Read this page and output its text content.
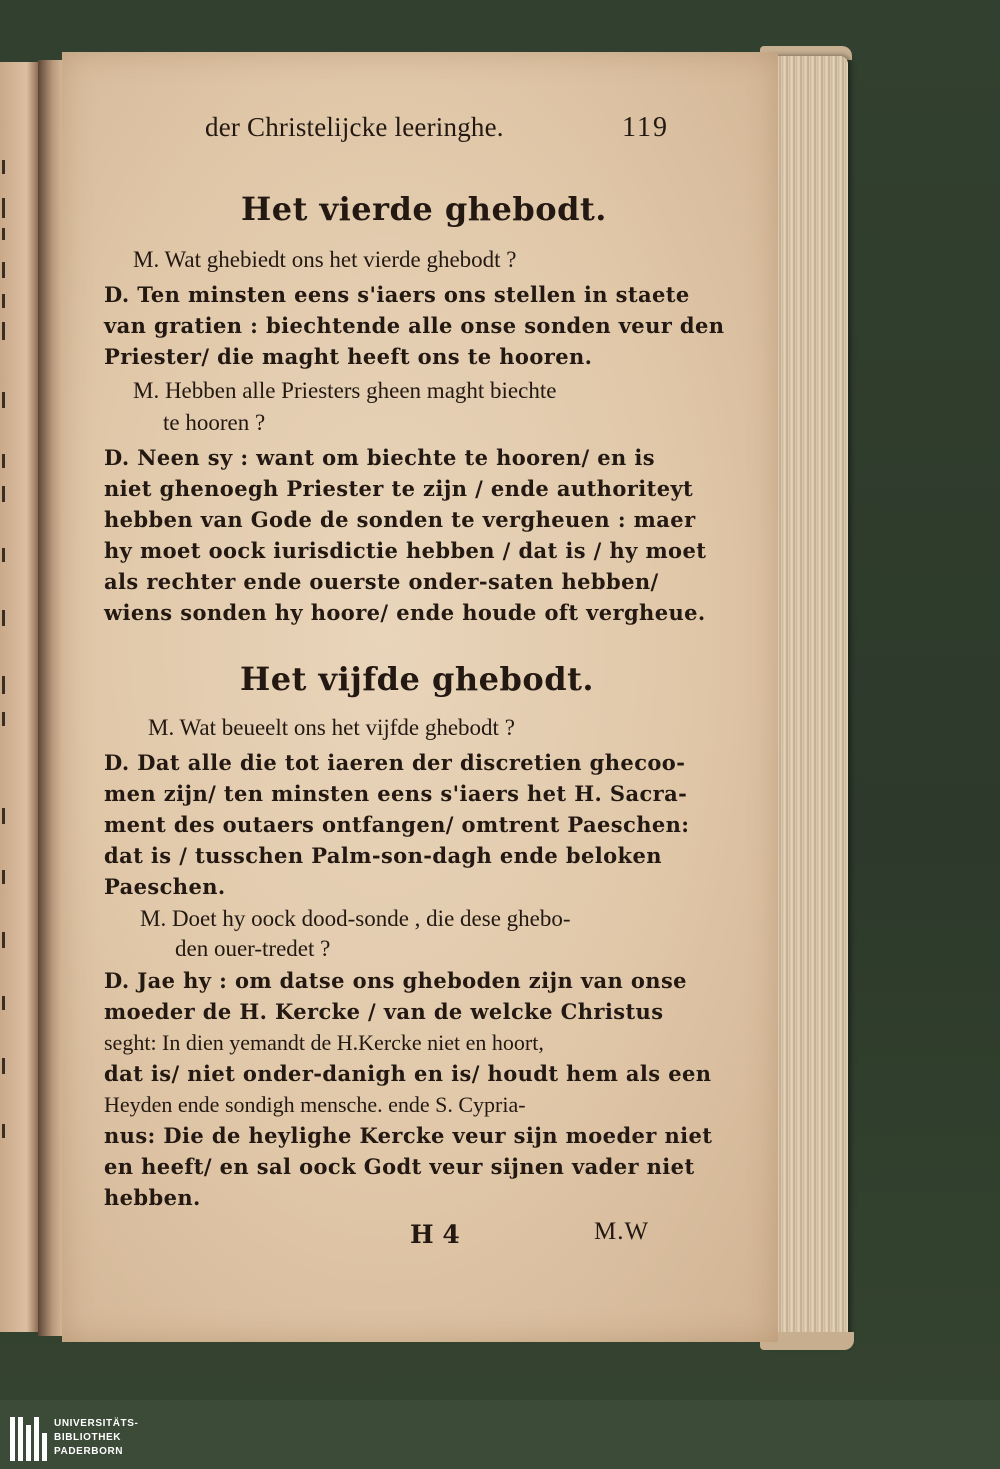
der Christelijcke leeringhe.	119
Het vierde ghebodt.
M. Wat ghebiedt ons het vierde ghebodt ?
D. Ten minsten eens s'iaers ons stellen in staete
van gratien : biechtende alle onse sonden veur den
Priester/ die maght heeft ons te hooren.
M. Hebben alle Priesters gheen maght biechte
te hooren ?
D. Neen sy : want om biechte te hooren/ en is
niet ghenoegh Priester te zijn / ende authoriteyt
hebben van Gode de sonden te vergheuen : maer
hy moet oock iurisdictie hebben / dat is / hy moet
als rechter ende ouerste onder-saten hebben/
wiens sonden hy hoore/ ende houde oft vergheue.
Het vijfde ghebodt.
M. Wat beueelt ons het vijfde ghebodt ?
D. Dat alle die tot iaeren der discretien ghecoo-
men zijn/ ten minsten eens s'iaers het H. Sacra-
ment des outaers ontfangen/ omtrent Paeschen:
dat is / tusschen Palm-son-dagh ende beloken
Paeschen.
M. Doet hy oock dood-sonde , die dese ghebo-
den ouer-tredet ?
D. Jae hy : om datse ons gheboden zijn van onse
moeder de H. Kercke / van de welcke Christus
seght: In dien yemandt de H.Kercke niet en hoort,
dat is/ niet onder-danigh en is/ houdt hem als een
Heyden ende sondigh mensche. ende S. Cypria-
nus: Die de heylighe Kercke veur sijn moeder niet
en heeft/ en sal oock Godt veur sijnen vader niet
hebben.
H 4	M.W
UNIVERSITÄTS-
BIBLIOTHEK
PADERBORN
